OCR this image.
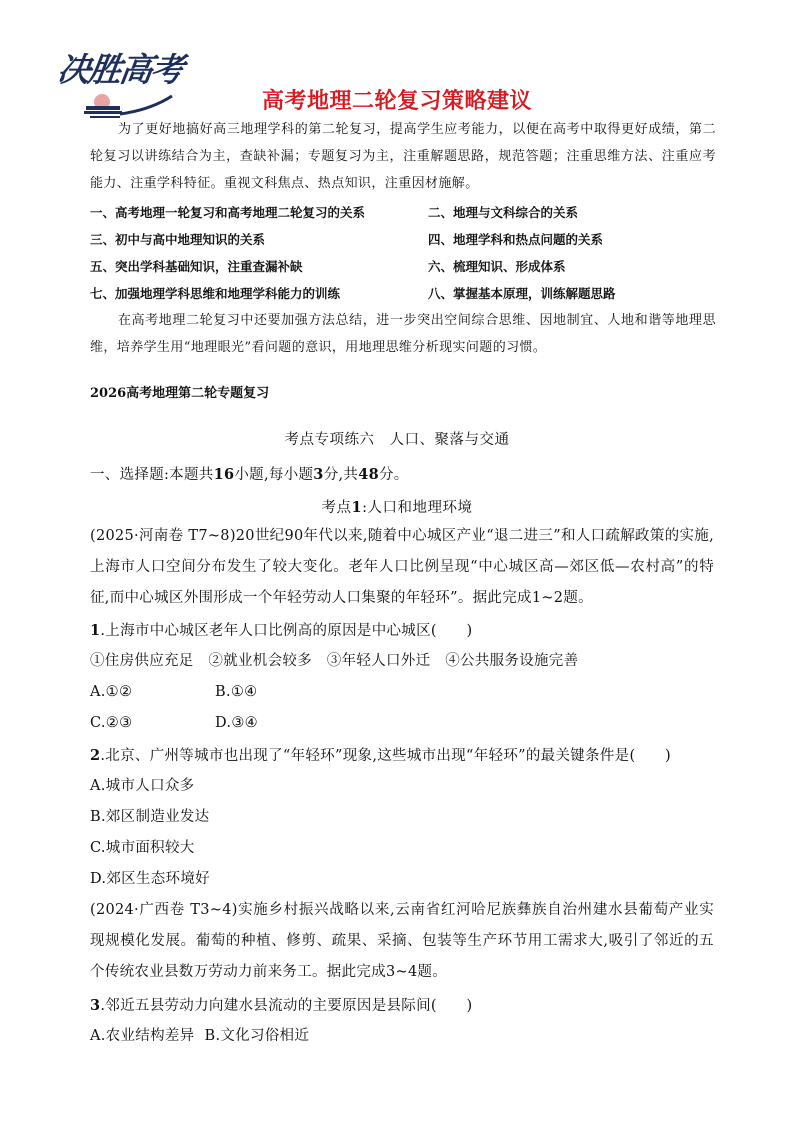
决胜高考
高考地理二轮复习策略建议
为了更好地搞好高三地理学科的第二轮复习，提高学生应考能力，以便在高考中取得更好成绩，第二轮复习以讲练结合为主，查缺补漏；专题复习为主，注重解题思路，规范答题；注重思维方法、注重应考能力、注重学科特征。重视文科焦点、热点知识，注重因材施解。
一、高考地理一轮复习和高考地理二轮复习的关系	二、地理与文科综合的关系
三、初中与高中地理知识的关系	四、地理学科和热点问题的关系
五、突出学科基础知识，注重查漏补缺	六、梳理知识、形成体系
七、加强地理学科思维和地理学科能力的训练	八、掌握基本原理，训练解题思路
在高考地理二轮复习中还要加强方法总结，进一步突出空间综合思维、因地制宜、人地和谐等地理思维，培养学生用“地理眼光”看问题的意识，用地理思维分析现实问题的习惯。
2026高考地理第二轮专题复习
考点专项练六　人口、聚落与交通
一、选择题:本题共16小题,每小题3分,共48分。
考点1:人口和地理环境
(2025·河南卷 T7~8)20世纪90年代以来,随着中心城区产业“退二进三”和人口疏解政策的实施,上海市人口空间分布发生了较大变化。老年人口比例呈现“中心城区高—郊区低—农村高”的特征,而中心城区外围形成一个年轻劳动人口集聚的年轻环”。据此完成1~2题。
1.上海市中心城区老年人口比例高的原因是中心城区(　　)
①住房供应充足　②就业机会较多　③年轻人口外迁　④公共服务设施完善
A.①②	B.①④
C.②③	D.③④
2.北京、广州等城市也出现了“年轻环”现象,这些城市出现“年轻环”的最关键条件是(　　)
A.城市人口众多
B.郊区制造业发达
C.城市面积较大
D.郊区生态环境好
(2024·广西卷 T3~4)实施乡村振兴战略以来,云南省红河哈尼族彝族自治州建水县葡萄产业实现规模化发展。葡萄的种植、修剪、疏果、采摘、包装等生产环节用工需求大,吸引了邻近的五个传统农业县数万劳动力前来务工。据此完成3~4题。
3.邻近五县劳动力向建水县流动的主要原因是县际间(　　)
A.农业结构差异 B.文化习俗相近
